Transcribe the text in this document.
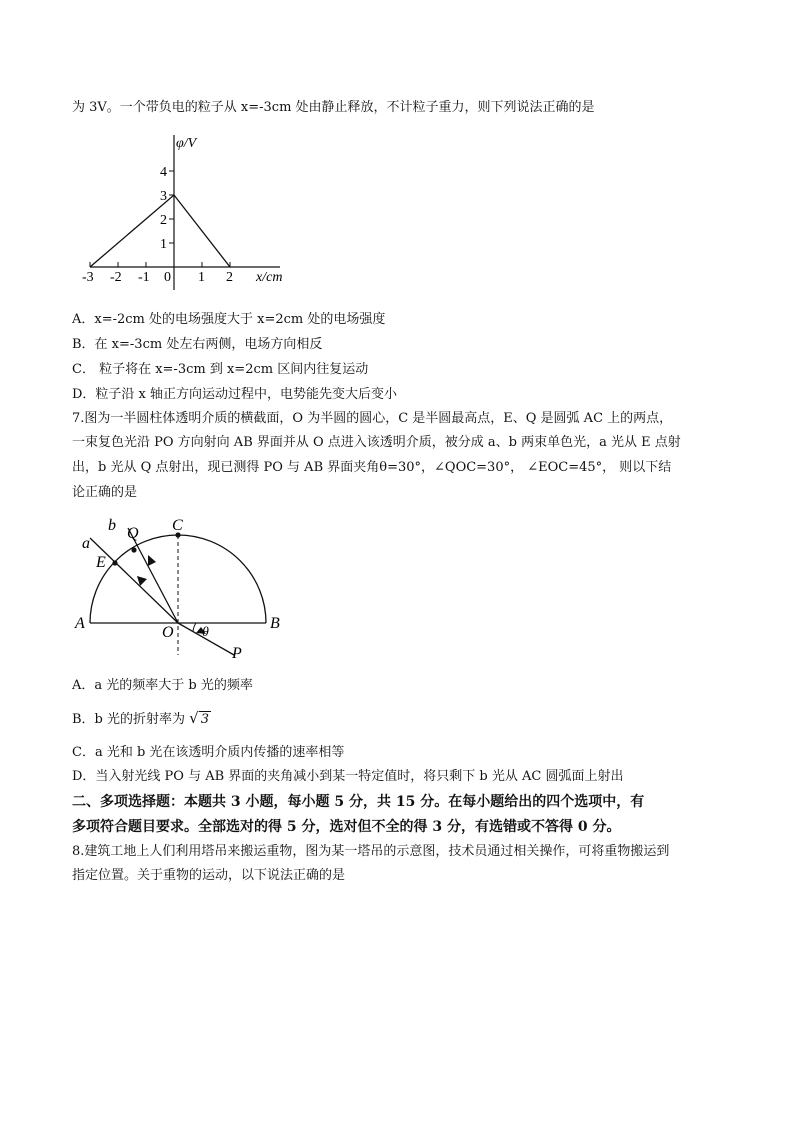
为 3V。一个带负电的粒子从 x=-3cm 处由静止释放，不计粒子重力，则下列说法正确的是
φ/V
x/cm
1
2
3
4
-3 -2 -1 0 1 2
A．x=-2cm 处的电场强度大于 x=2cm 处的电场强度
B．在 x=-3cm 处左右两侧，电场方向相反
C． 粒子将在 x=-3cm 到 x=2cm 区间内往复运动
D．粒子沿 x 轴正方向运动过程中，电势能先变大后变小
7.图为一半圆柱体透明介质的横截面，O 为半圆的圆心，C 是半圆最高点，E、Q 是圆弧 AC 上的两点，
一束复色光沿 PO 方向射向 AB 界面并从 O 点进入该透明介质，被分成 a、b 两束单色光，a 光从 E 点射
出，b 光从 Q 点射出，现已测得 PO 与 AB 界面夹角θ=30°，∠QOC=30°， ∠EOC=45°， 则以下结
论正确的是
a
b Q C
E
A
O θ
B
P
A．a 光的频率大于 b 光的频率
B．b 光的折射率为 √ 3
C．a 光和 b 光在该透明介质内传播的速率相等
D．当入射光线 PO 与 AB 界面的夹角减小到某一特定值时，将只剩下 b 光从 AC 圆弧面上射出
二、多项选择题：本题共 3 小题，每小题 5 分，共 15 分。在每小题给出的四个选项中，有
多项符合题目要求。全部选对的得 5 分，选对但不全的得 3 分，有选错或不答得 0 分。
8.建筑工地上人们利用塔吊来搬运重物，图为某一塔吊的示意图，技术员通过相关操作，可将重物搬运到
指定位置。关于重物的运动，以下说法正确的是
